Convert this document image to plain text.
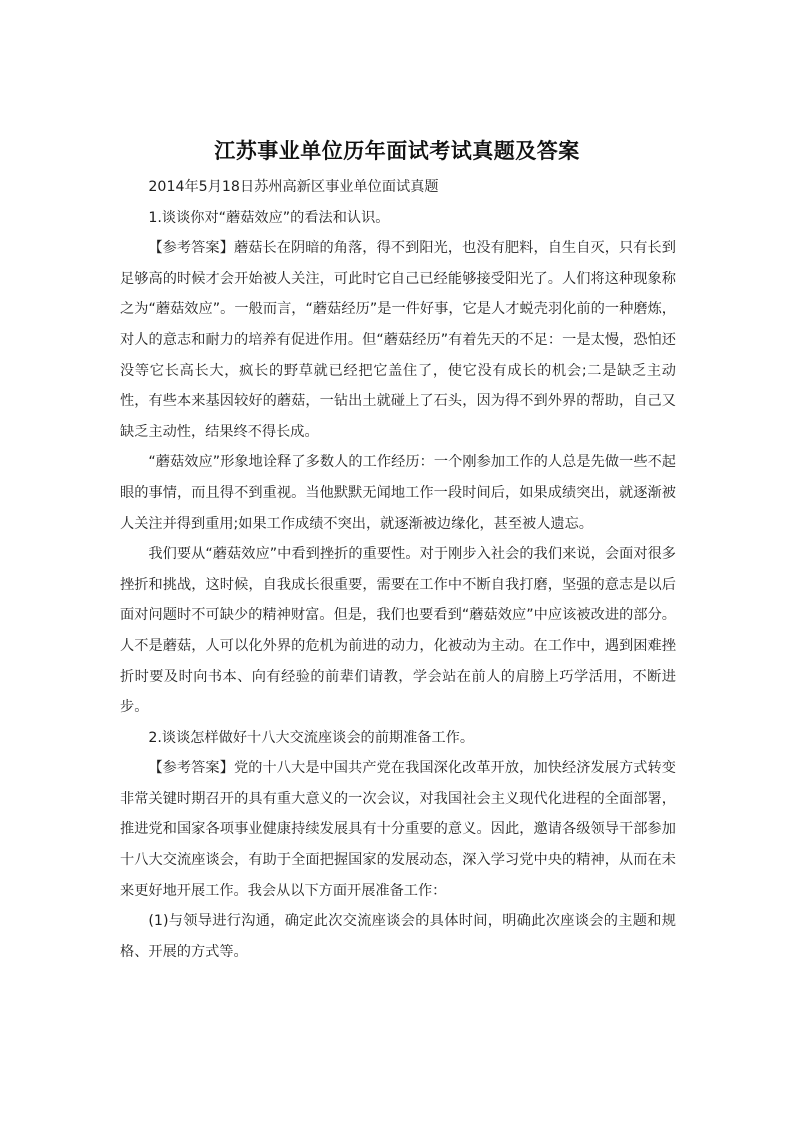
江苏事业单位历年面试考试真题及答案

2014年5月18日苏州高新区事业单位面试真题

1.谈谈你对“蘑菇效应”的看法和认识。

【参考答案】蘑菇长在阴暗的角落，得不到阳光，也没有肥料，自生自灭，只有长到足够高的时候才会开始被人关注，可此时它自己已经能够接受阳光了。人们将这种现象称之为“蘑菇效应”。一般而言，“蘑菇经历”是一件好事，它是人才蜕壳羽化前的一种磨炼，对人的意志和耐力的培养有促进作用。但“蘑菇经历”有着先天的不足：一是太慢，恐怕还没等它长高长大，疯长的野草就已经把它盖住了，使它没有成长的机会;二是缺乏主动性，有些本来基因较好的蘑菇，一钻出土就碰上了石头，因为得不到外界的帮助，自己又缺乏主动性，结果终不得长成。

“蘑菇效应”形象地诠释了多数人的工作经历：一个刚参加工作的人总是先做一些不起眼的事情，而且得不到重视。当他默默无闻地工作一段时间后，如果成绩突出，就逐渐被人关注并得到重用;如果工作成绩不突出，就逐渐被边缘化，甚至被人遗忘。

我们要从“蘑菇效应”中看到挫折的重要性。对于刚步入社会的我们来说，会面对很多挫折和挑战，这时候，自我成长很重要，需要在工作中不断自我打磨，坚强的意志是以后面对问题时不可缺少的精神财富。但是，我们也要看到“蘑菇效应”中应该被改进的部分。人不是蘑菇，人可以化外界的危机为前进的动力，化被动为主动。在工作中，遇到困难挫折时要及时向书本、向有经验的前辈们请教，学会站在前人的肩膀上巧学活用，不断进步。

2.谈谈怎样做好十八大交流座谈会的前期准备工作。

【参考答案】党的十八大是中国共产党在我国深化改革开放，加快经济发展方式转变非常关键时期召开的具有重大意义的一次会议，对我国社会主义现代化进程的全面部署，推进党和国家各项事业健康持续发展具有十分重要的意义。因此，邀请各级领导干部参加十八大交流座谈会，有助于全面把握国家的发展动态，深入学习党中央的精神，从而在未来更好地开展工作。我会从以下方面开展准备工作：

(1)与领导进行沟通，确定此次交流座谈会的具体时间，明确此次座谈会的主题和规格、开展的方式等。
